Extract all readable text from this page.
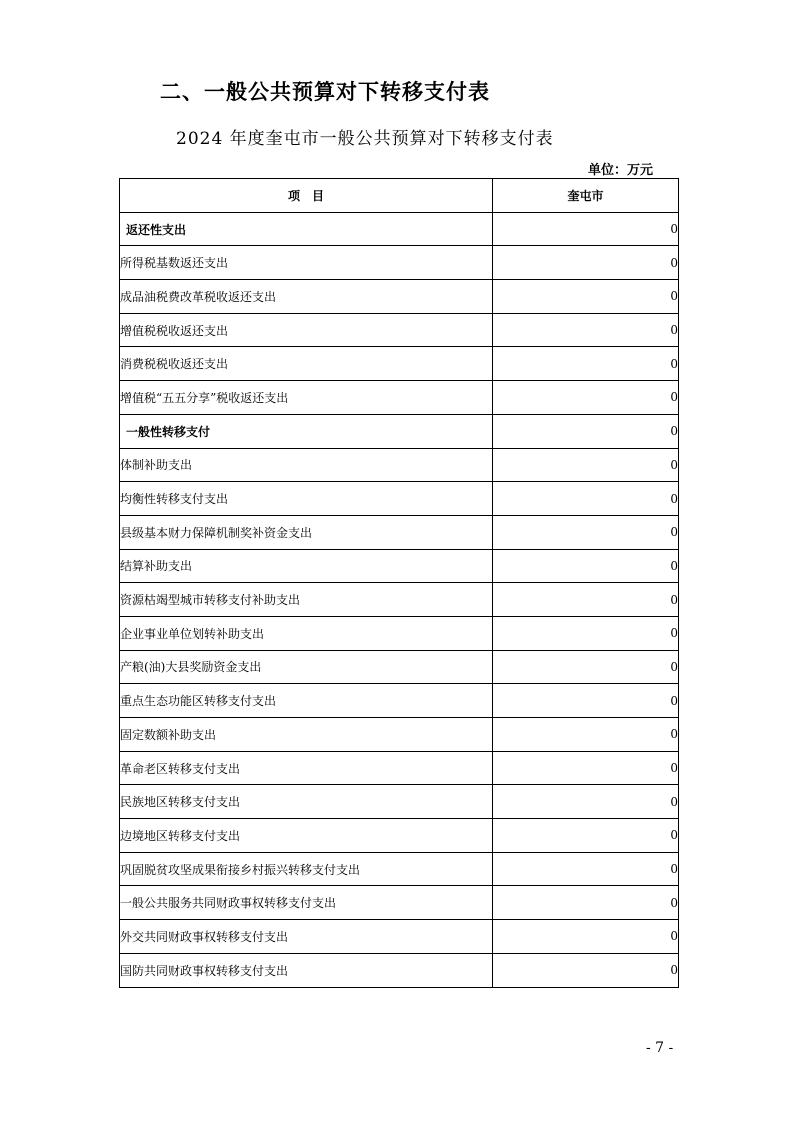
二、一般公共预算对下转移支付表
2024 年度奎屯市一般公共预算对下转移支付表
单位：万元
项　目	奎屯市
返还性支出	0
所得税基数返还支出	0
成品油税费改革税收返还支出	0
增值税税收返还支出	0
消费税税收返还支出	0
增值税“五五分享”税收返还支出	0
一般性转移支付	0
体制补助支出	0
均衡性转移支付支出	0
县级基本财力保障机制奖补资金支出	0
结算补助支出	0
资源枯竭型城市转移支付补助支出	0
企业事业单位划转补助支出	0
产粮(油)大县奖励资金支出	0
重点生态功能区转移支付支出	0
固定数额补助支出	0
革命老区转移支付支出	0
民族地区转移支付支出	0
边境地区转移支付支出	0
巩固脱贫攻坚成果衔接乡村振兴转移支付支出	0
一般公共服务共同财政事权转移支付支出	0
外交共同财政事权转移支付支出	0
国防共同财政事权转移支付支出	0
- 7 -
